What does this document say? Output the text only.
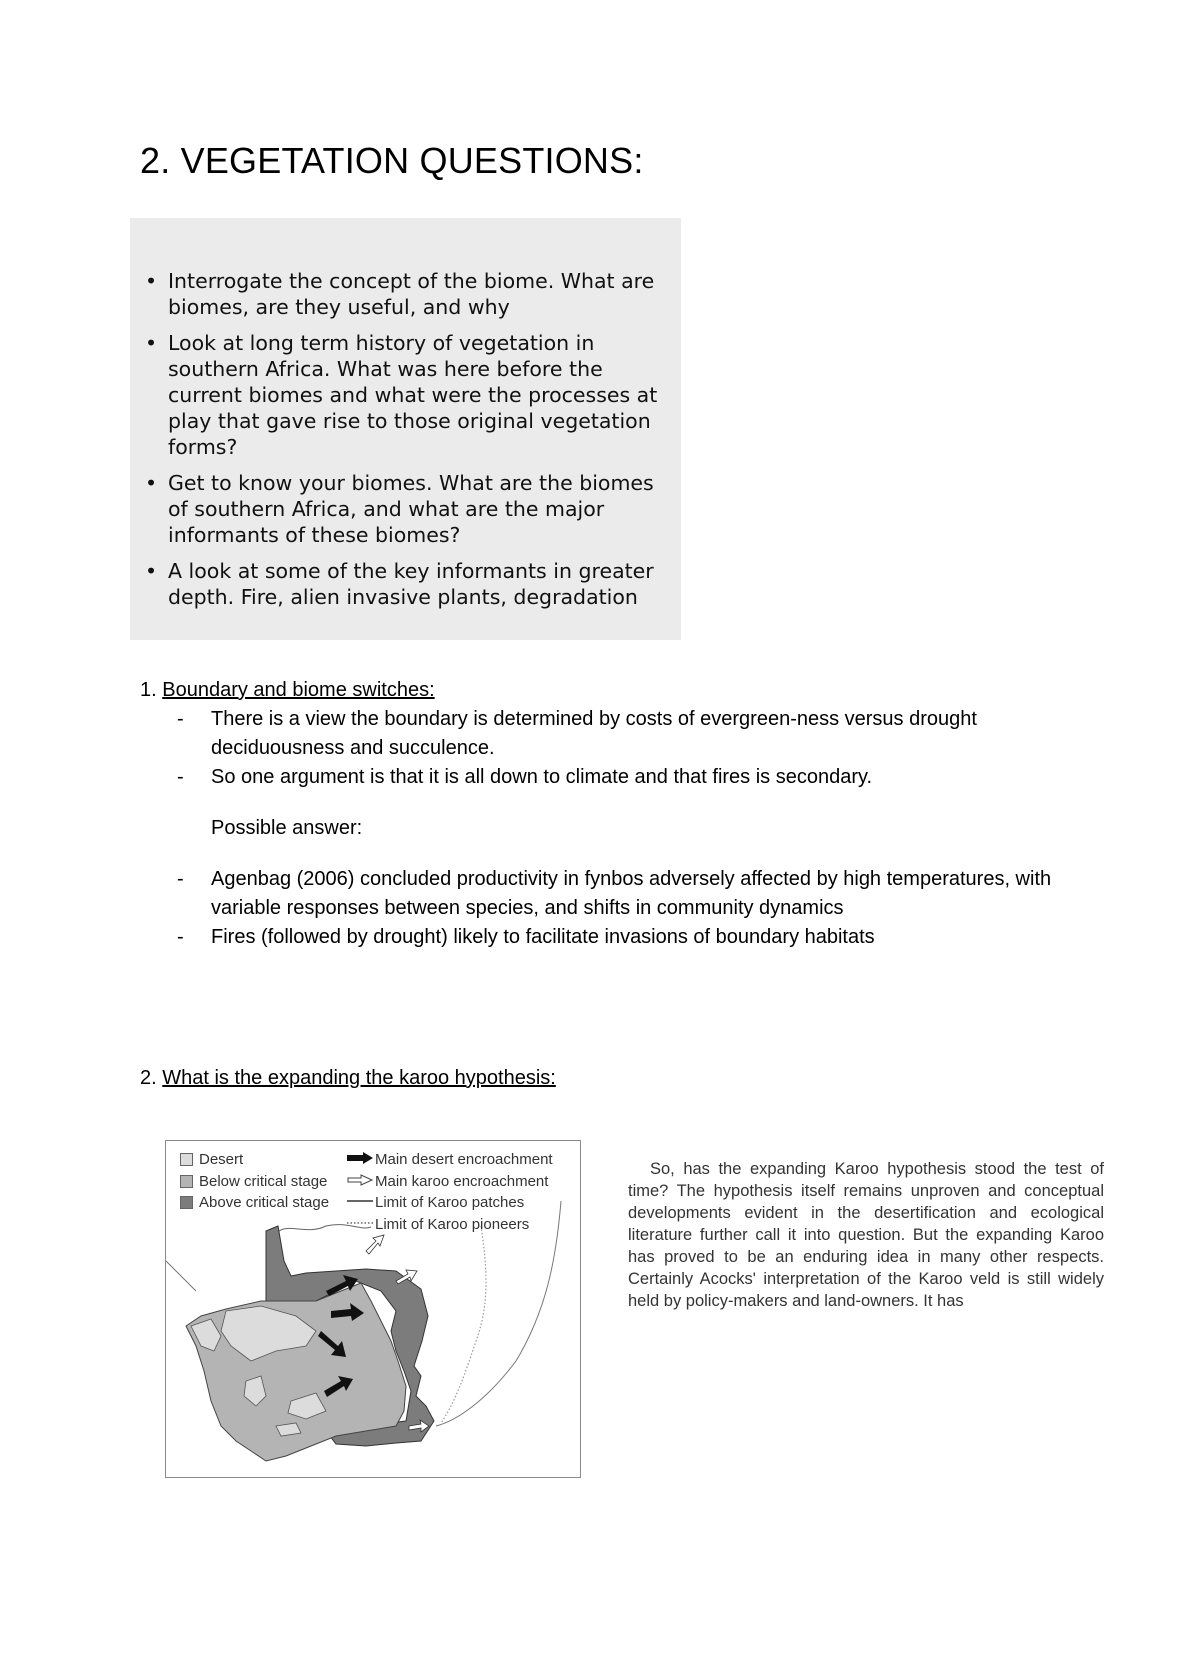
2. VEGETATION QUESTIONS:
• Interrogate the concept of the biome. What are biomes, are they useful, and why
• Look at long term history of vegetation in southern Africa. What was here before the current biomes and what were the processes at play that gave rise to those original vegetation forms?
• Get to know your biomes. What are the biomes of southern Africa, and what are the major informants of these biomes?
• A look at some of the key informants in greater depth. Fire, alien invasive plants, degradation
1. Boundary and biome switches:
- There is a view the boundary is determined by costs of evergreen-ness versus drought deciduousness and succulence.
- So one argument is that it is all down to climate and that fires is secondary.
Possible answer:
- Agenbag (2006) concluded productivity in fynbos adversely affected by high temperatures, with variable responses between species, and shifts in community dynamics
- Fires (followed by drought) likely to facilitate invasions of boundary habitats
2. What is the expanding the karoo hypothesis:
Desert
Below critical stage
Above critical stage
Main desert encroachment
Main karoo encroachment
Limit of Karoo patches
Limit of Karoo pioneers

So, has the expanding Karoo hypothesis stood the test of time? The hypothesis itself remains unproven and conceptual developments evident in the desertification and ecological literature further call it into question. But the expanding Karoo has proved to be an enduring idea in many other respects. Certainly Acocks' interpretation of the Karoo veld is still widely held by policy-makers and land-owners. It has
